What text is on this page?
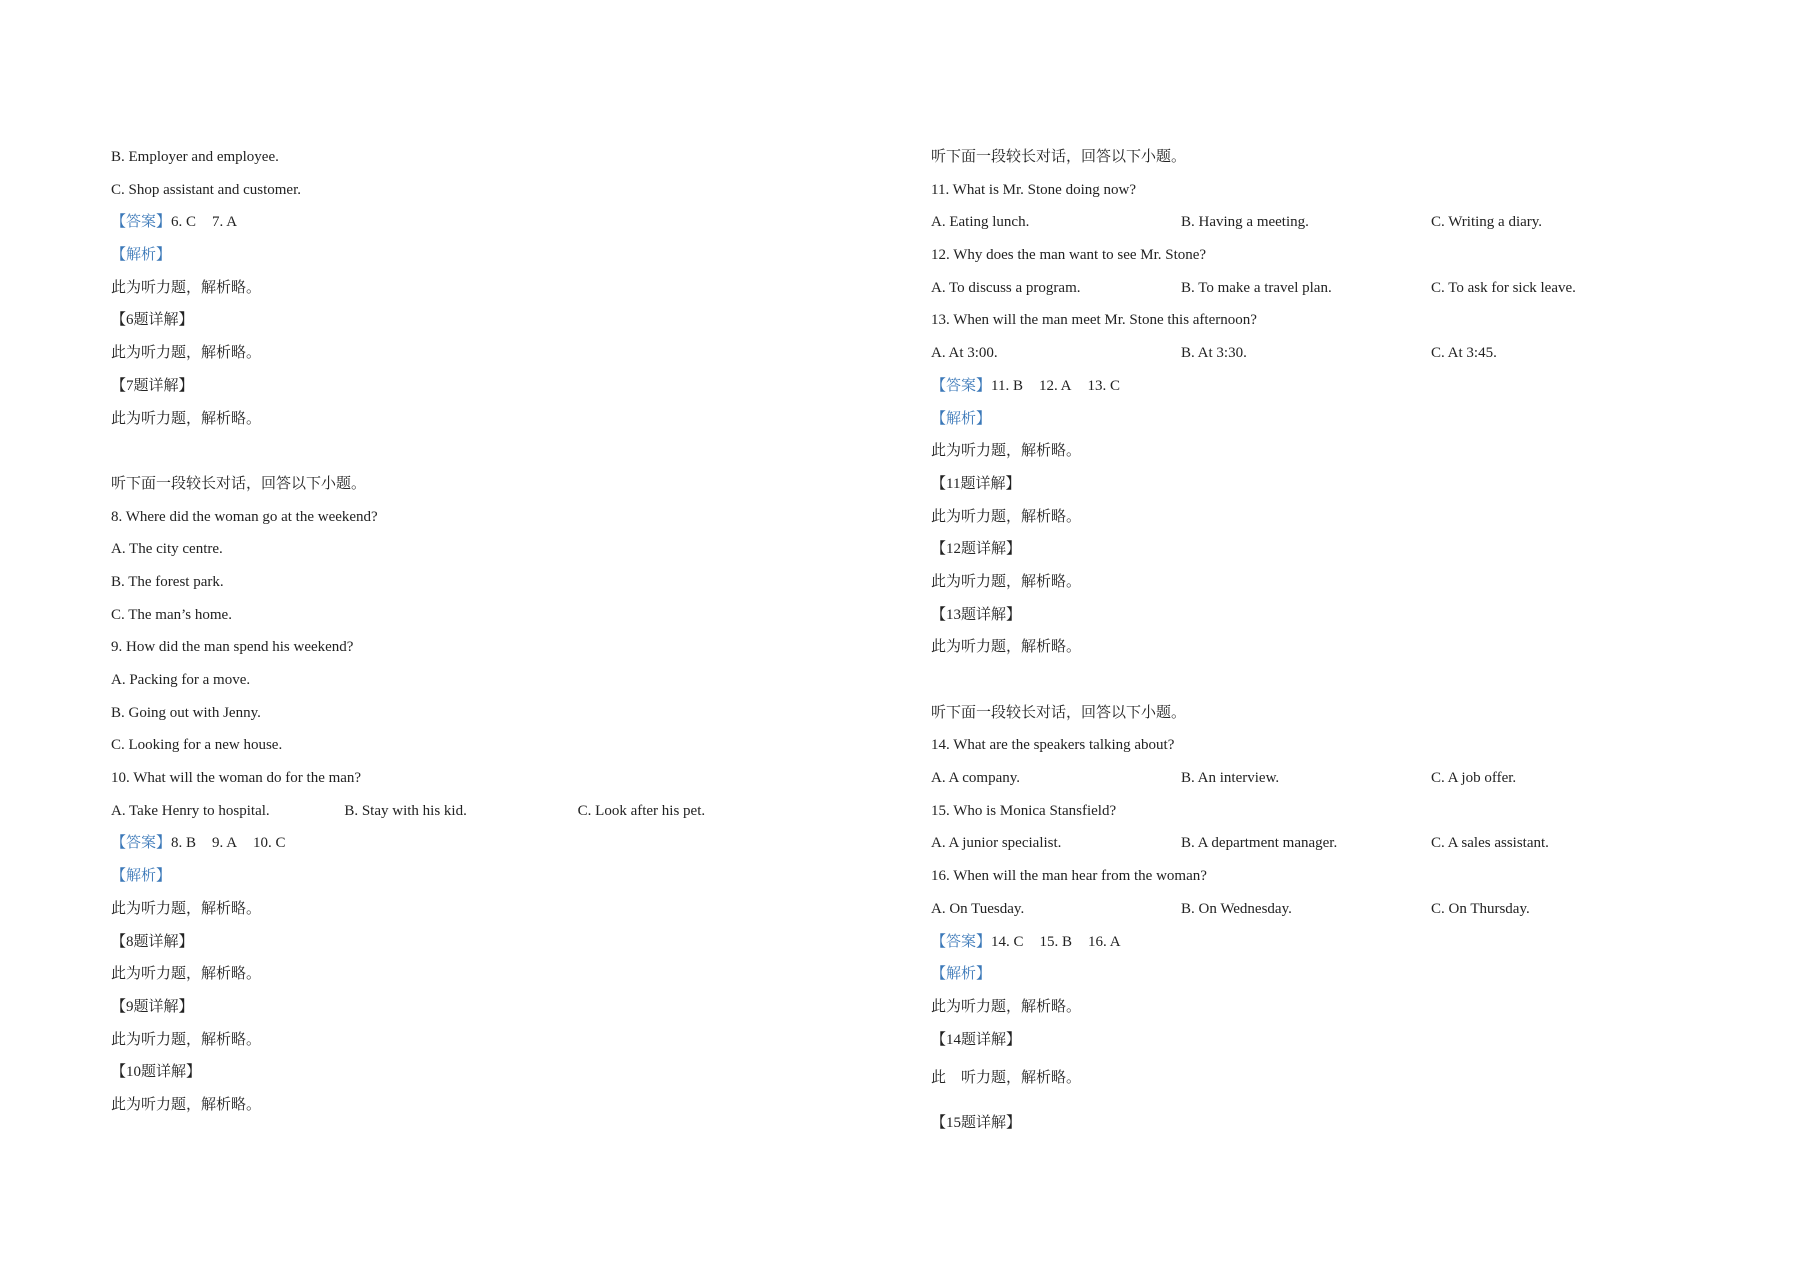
B. Employer and employee.
C. Shop assistant and customer.
【答案】6. C 7. A
【解析】
此为听力题，解析略。
【6题详解】
此为听力题，解析略。
【7题详解】
此为听力题，解析略。
听下面一段较长对话，回答以下小题。
8. Where did the woman go at the weekend?
A. The city centre.
B. The forest park.
C. The man’s home.
9. How did the man spend his weekend?
A. Packing for a move.
B. Going out with Jenny.
C. Looking for a new house.
10. What will the woman do for the man?
A. Take Henry to hospital.	B. Stay with his kid.	C. Look after his pet.
【答案】8. B 9. A 10. C
【解析】
此为听力题，解析略。
【8题详解】
此为听力题，解析略。
【9题详解】
此为听力题，解析略。
【10题详解】
此为听力题，解析略。
听下面一段较长对话，回答以下小题。
11. What is Mr. Stone doing now?
A. Eating lunch.	B. Having a meeting.	C. Writing a diary.
12. Why does the man want to see Mr. Stone?
A. To discuss a program.	B. To make a travel plan.	C. To ask for sick leave.
13. When will the man meet Mr. Stone this afternoon?
A. At 3:00.	B. At 3:30.	C. At 3:45.
【答案】11. B 12. A 13. C
【解析】
此为听力题，解析略。
【11题详解】
此为听力题，解析略。
【12题详解】
此为听力题，解析略。
【13题详解】
此为听力题，解析略。
听下面一段较长对话，回答以下小题。
14. What are the speakers talking about?
A. A company.	B. An interview.	C. A job offer.
15. Who is Monica Stansfield?
A. A junior specialist.	B. A department manager.	C. A sales assistant.
16. When will the man hear from the woman?
A. On Tuesday.	B. On Wednesday.	C. On Thursday.
【答案】14. C 15. B 16. A
【解析】
此为听力题，解析略。
【14题详解】
此　听力题，解析略。
【15题详解】
